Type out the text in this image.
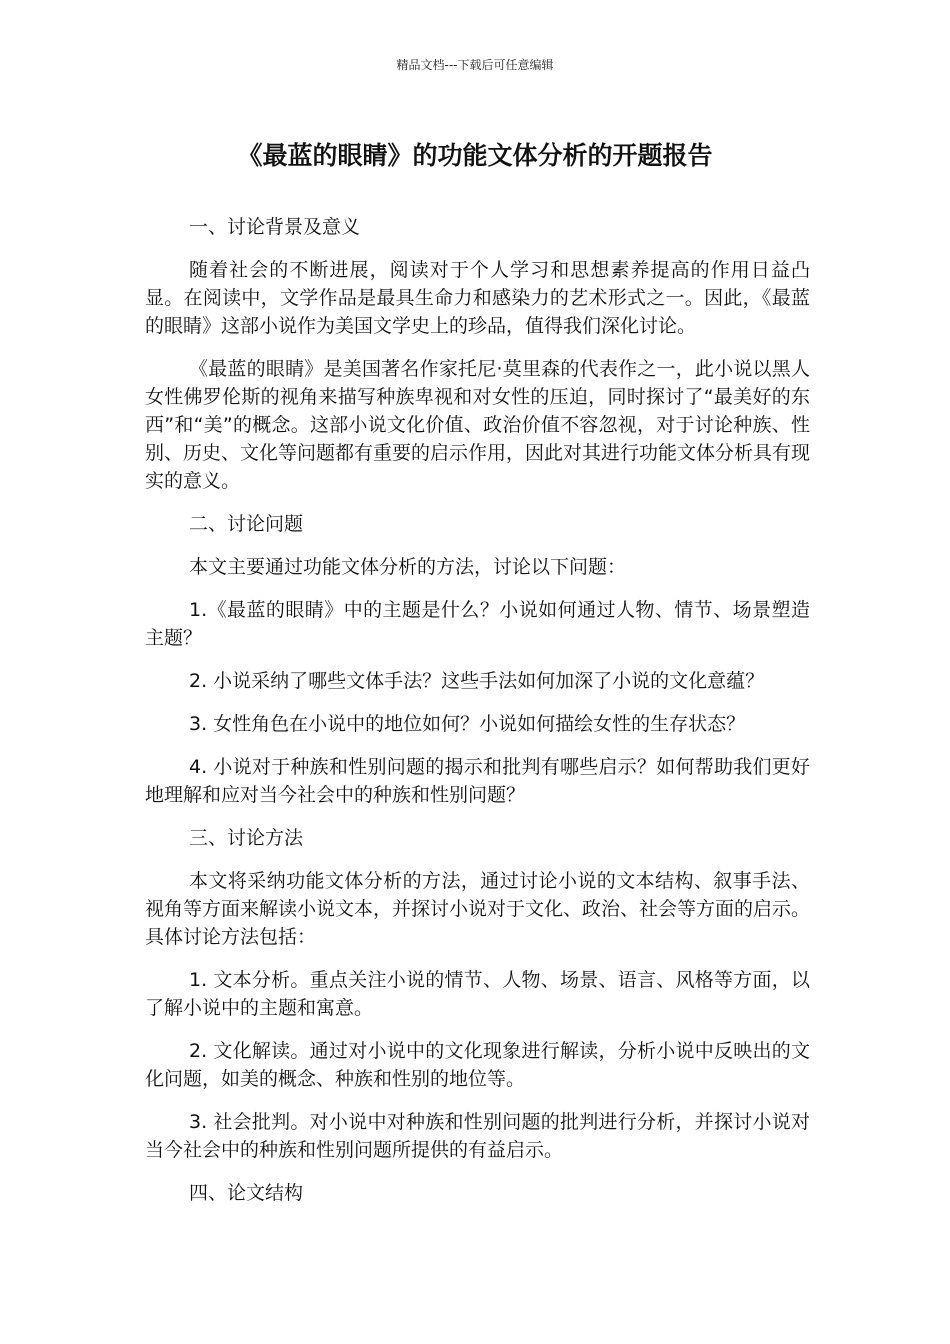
精品文档---下载后可任意编辑
《最蓝的眼睛》的功能文体分析的开题报告

一、讨论背景及意义

随着社会的不断进展，阅读对于个人学习和思想素养提高的作用日益凸显。在阅读中，文学作品是最具生命力和感染力的艺术形式之一。因此，《最蓝的眼睛》这部小说作为美国文学史上的珍品，值得我们深化讨论。

《最蓝的眼睛》是美国著名作家托尼·莫里森的代表作之一，此小说以黑人女性佛罗伦斯的视角来描写种族卑视和对女性的压迫，同时探讨了“最美好的东西”和“美”的概念。这部小说文化价值、政治价值不容忽视，对于讨论种族、性别、历史、文化等问题都有重要的启示作用，因此对其进行功能文体分析具有现实的意义。

二、讨论问题

本文主要通过功能文体分析的方法，讨论以下问题：

1.《最蓝的眼睛》中的主题是什么？小说如何通过人物、情节、场景塑造主题？

2. 小说采纳了哪些文体手法？这些手法如何加深了小说的文化意蕴？

3. 女性角色在小说中的地位如何？小说如何描绘女性的生存状态？

4. 小说对于种族和性别问题的揭示和批判有哪些启示？如何帮助我们更好地理解和应对当今社会中的种族和性别问题？

三、讨论方法

本文将采纳功能文体分析的方法，通过讨论小说的文本结构、叙事手法、视角等方面来解读小说文本，并探讨小说对于文化、政治、社会等方面的启示。具体讨论方法包括：

1. 文本分析。重点关注小说的情节、人物、场景、语言、风格等方面，以了解小说中的主题和寓意。

2. 文化解读。通过对小说中的文化现象进行解读，分析小说中反映出的文化问题，如美的概念、种族和性别的地位等。

3. 社会批判。对小说中对种族和性别问题的批判进行分析，并探讨小说对当今社会中的种族和性别问题所提供的有益启示。

四、论文结构
